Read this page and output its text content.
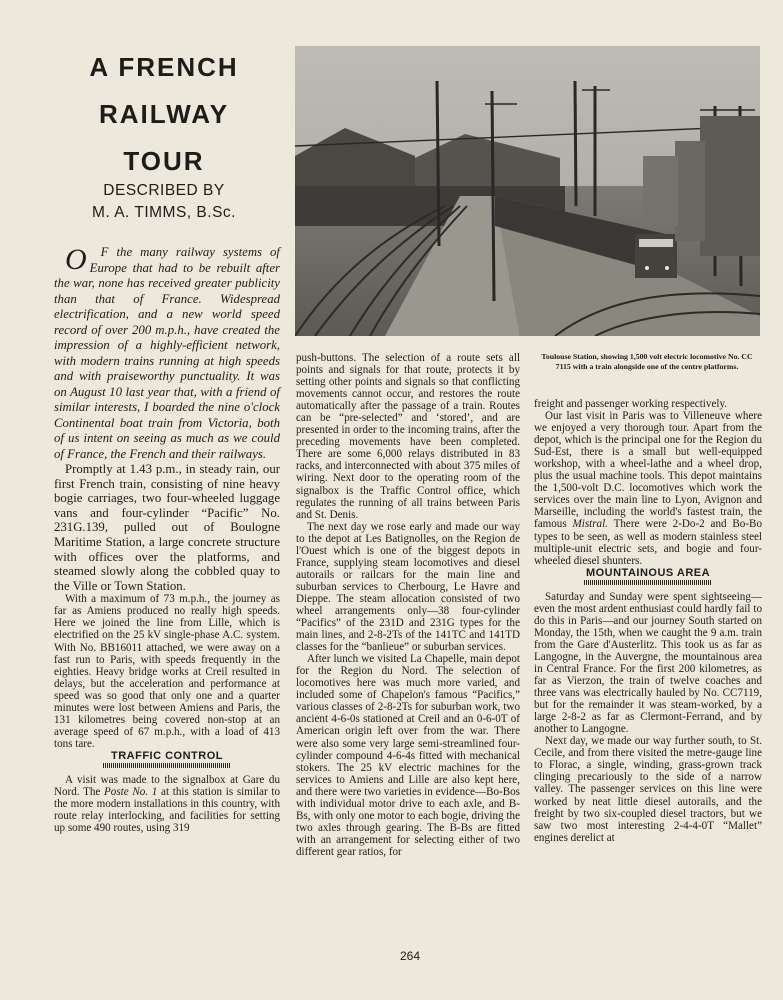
A FRENCH
RAILWAY
TOUR
DESCRIBED BY
M. A. TIMMS, B.Sc.
Toulouse Station, showing 1,500 volt electric locomotive No. CC 7115 with a train alongside one of the centre platforms.

O F the many railway systems of Europe that had to be rebuilt after the war, none has received greater publicity than that of France. Widespread electrification, and a new world speed record of over 200 m.p.h., have created the impression of a highly-efficient network, with modern trains running at high speeds and with praiseworthy punctuality. It was on August 10 last year that, with a friend of similar interests, I boarded the nine o'clock Continental boat train from Victoria, both of us intent on seeing as much as we could of France, the French and their railways.

Promptly at 1.43 p.m., in steady rain, our first French train, consisting of nine heavy bogie carriages, two four-wheeled luggage vans and four-cylinder “Pacific” No. 231G.139, pulled out of Boulogne Maritime Station, a large concrete structure with offices over the platforms, and steamed slowly along the cobbled quay to the Ville or Town Station.

With a maximum of 73 m.p.h., the journey as far as Amiens produced no really high speeds. Here we joined the line from Lille, which is electrified on the 25 kV single-phase A.C. system. With No. BB16011 attached, we were away on a fast run to Paris, with speeds frequently in the eighties. Heavy bridge works at Creil resulted in delays, but the acceleration and performance at speed was so good that only one and a quarter minutes were lost between Amiens and Paris, the 131 kilometres being covered non-stop at an average speed of 67 m.p.h., with a load of 413 tons tare.

TRAFFIC CONTROL

A visit was made to the signalbox at Gare du Nord. The Poste No. 1 at this station is similar to the more modern installations in this country, with route relay interlocking, and facilities for setting up some 490 routes, using 319

push-buttons. The selection of a route sets all points and signals for that route, protects it by setting other points and signals so that conflicting movements cannot occur, and restores the route automatically after the passage of a train. Routes can be “pre-selected” and ‘stored’, and are presented in order to the incoming trains, after the preceding movements have been completed. There are some 6,000 relays distributed in 83 racks, and interconnected with about 375 miles of wiring. Next door to the operating room of the signalbox is the Traffic Control office, which regulates the running of all trains between Paris and St. Denis.

The next day we rose early and made our way to the depot at Les Batignolles, on the Region de l'Ouest which is one of the biggest depots in France, supplying steam locomotives and diesel autorails or railcars for the main line and suburban services to Cherbourg, Le Havre and Dieppe. The steam allocation consisted of two wheel arrangements only—38 four-cylinder “Pacifics” of the 231D and 231G types for the main lines, and 2-8-2Ts of the 141TC and 141TD classes for the “banlieue” or suburban services.

After lunch we visited La Chapelle, main depot for the Region du Nord. The selection of locomotives here was much more varied, and included some of Chapelon's famous “Pacifics,” various classes of 2-8-2Ts for suburban work, two ancient 4-6-0s stationed at Creil and an 0-6-0T of American origin left over from the war. There were also some very large semi-streamlined four-cylinder compound 4-6-4s fitted with mechanical stokers. The 25 kV electric machines for the services to Amiens and Lille are also kept here, and there were two varieties in evidence—Bo-Bos with individual motor drive to each axle, and B-Bs, with only one motor to each bogie, driving the two axles through gearing. The B-Bs are fitted with an arrangement for selecting either of two different gear ratios, for

freight and passenger working respectively.

Our last visit in Paris was to Villeneuve where we enjoyed a very thorough tour. Apart from the depot, which is the principal one for the Region du Sud-Est, there is a small but well-equipped workshop, with a wheel-lathe and a wheel drop, plus the usual machine tools. This depot maintains the 1,500-volt D.C. locomotives which work the services over the main line to Lyon, Avignon and Marseille, including the world's fastest train, the famous Mistral. There were 2-Do-2 and Bo-Bo types to be seen, as well as modern stainless steel multiple-unit electric sets, and bogie and four-wheeled diesel shunters.

MOUNTAINOUS AREA

Saturday and Sunday were spent sightseeing—even the most ardent enthusiast could hardly fail to do this in Paris—and our journey South started on Monday, the 15th, when we caught the 9 a.m. train from the Gare d'Austerlitz. This took us as far as Langogne, in the Auvergne, the mountainous area in Central France. For the first 200 kilometres, as far as Vierzon, the train of twelve coaches and three vans was electrically hauled by No. CC7119, but for the remainder it was steam-worked, by a large 2-8-2 as far as Clermont-Ferrand, and by another to Langogne.

Next day, we made our way further south, to St. Cecile, and from there visited the metre-gauge line to Florac, a single, winding, grass-grown track clinging precariously to the side of a narrow valley. The passenger services on this line were worked by neat little diesel autorails, and the freight by two six-coupled diesel tractors, but we saw two most interesting 2-4-4-0T “Mallet” engines derelict at

264
